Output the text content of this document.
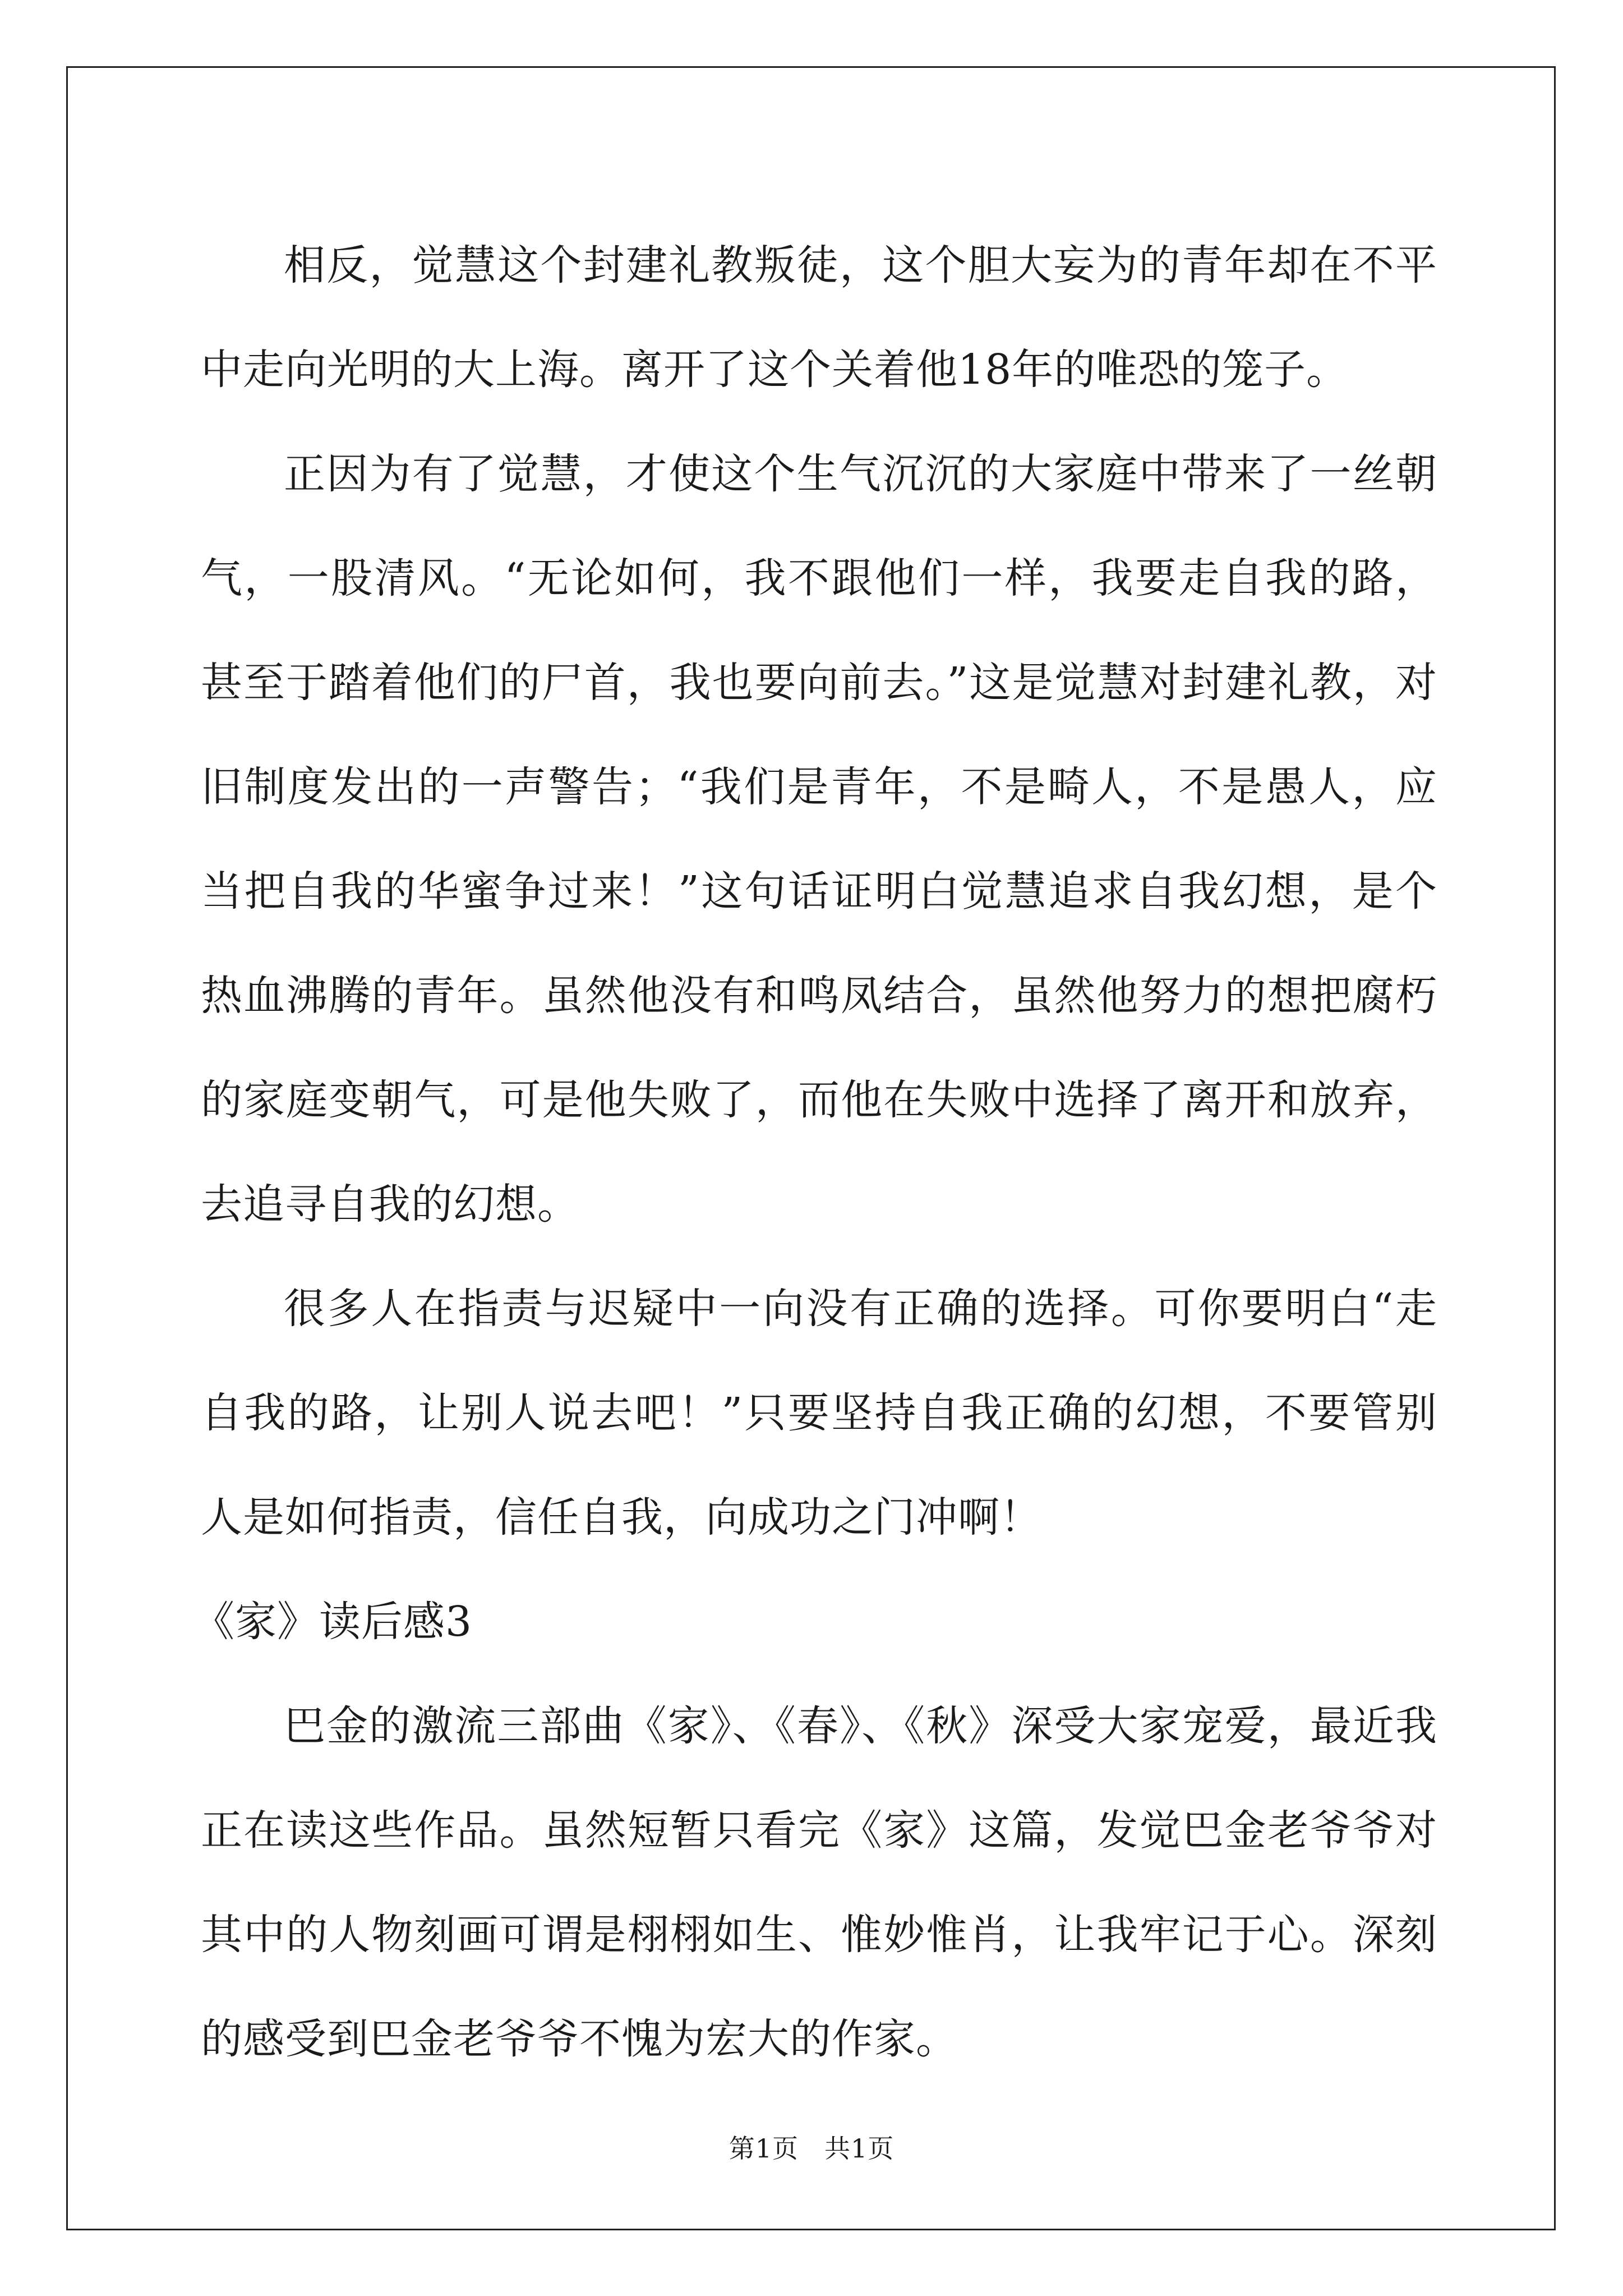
相反，觉慧这个封建礼教叛徒，这个胆大妄为的青年却在不平中走向光明的大上海。离开了这个关着他18年的唯恐的笼子。

正因为有了觉慧，才使这个生气沉沉的大家庭中带来了一丝朝气，一股清风。“无论如何，我不跟他们一样，我要走自我的路，甚至于踏着他们的尸首，我也要向前去。”这是觉慧对封建礼教，对旧制度发出的一声警告；“我们是青年，不是畸人，不是愚人，应当把自我的华蜜争过来！”这句话证明白觉慧追求自我幻想，是个热血沸腾的青年。虽然他没有和鸣凤结合，虽然他努力的想把腐朽的家庭变朝气，可是他失败了，而他在失败中选择了离开和放弃，去追寻自我的幻想。

很多人在指责与迟疑中一向没有正确的选择。可你要明白“走自我的路，让别人说去吧！”只要坚持自我正确的幻想，不要管别人是如何指责，信任自我，向成功之门冲啊！

《家》读后感3

巴金的激流三部曲《家》、《春》、《秋》深受大家宠爱，最近我正在读这些作品。虽然短暂只看完《家》这篇，发觉巴金老爷爷对其中的人物刻画可谓是栩栩如生、惟妙惟肖，让我牢记于心。深刻的感受到巴金老爷爷不愧为宏大的作家。

第1页 共1页
